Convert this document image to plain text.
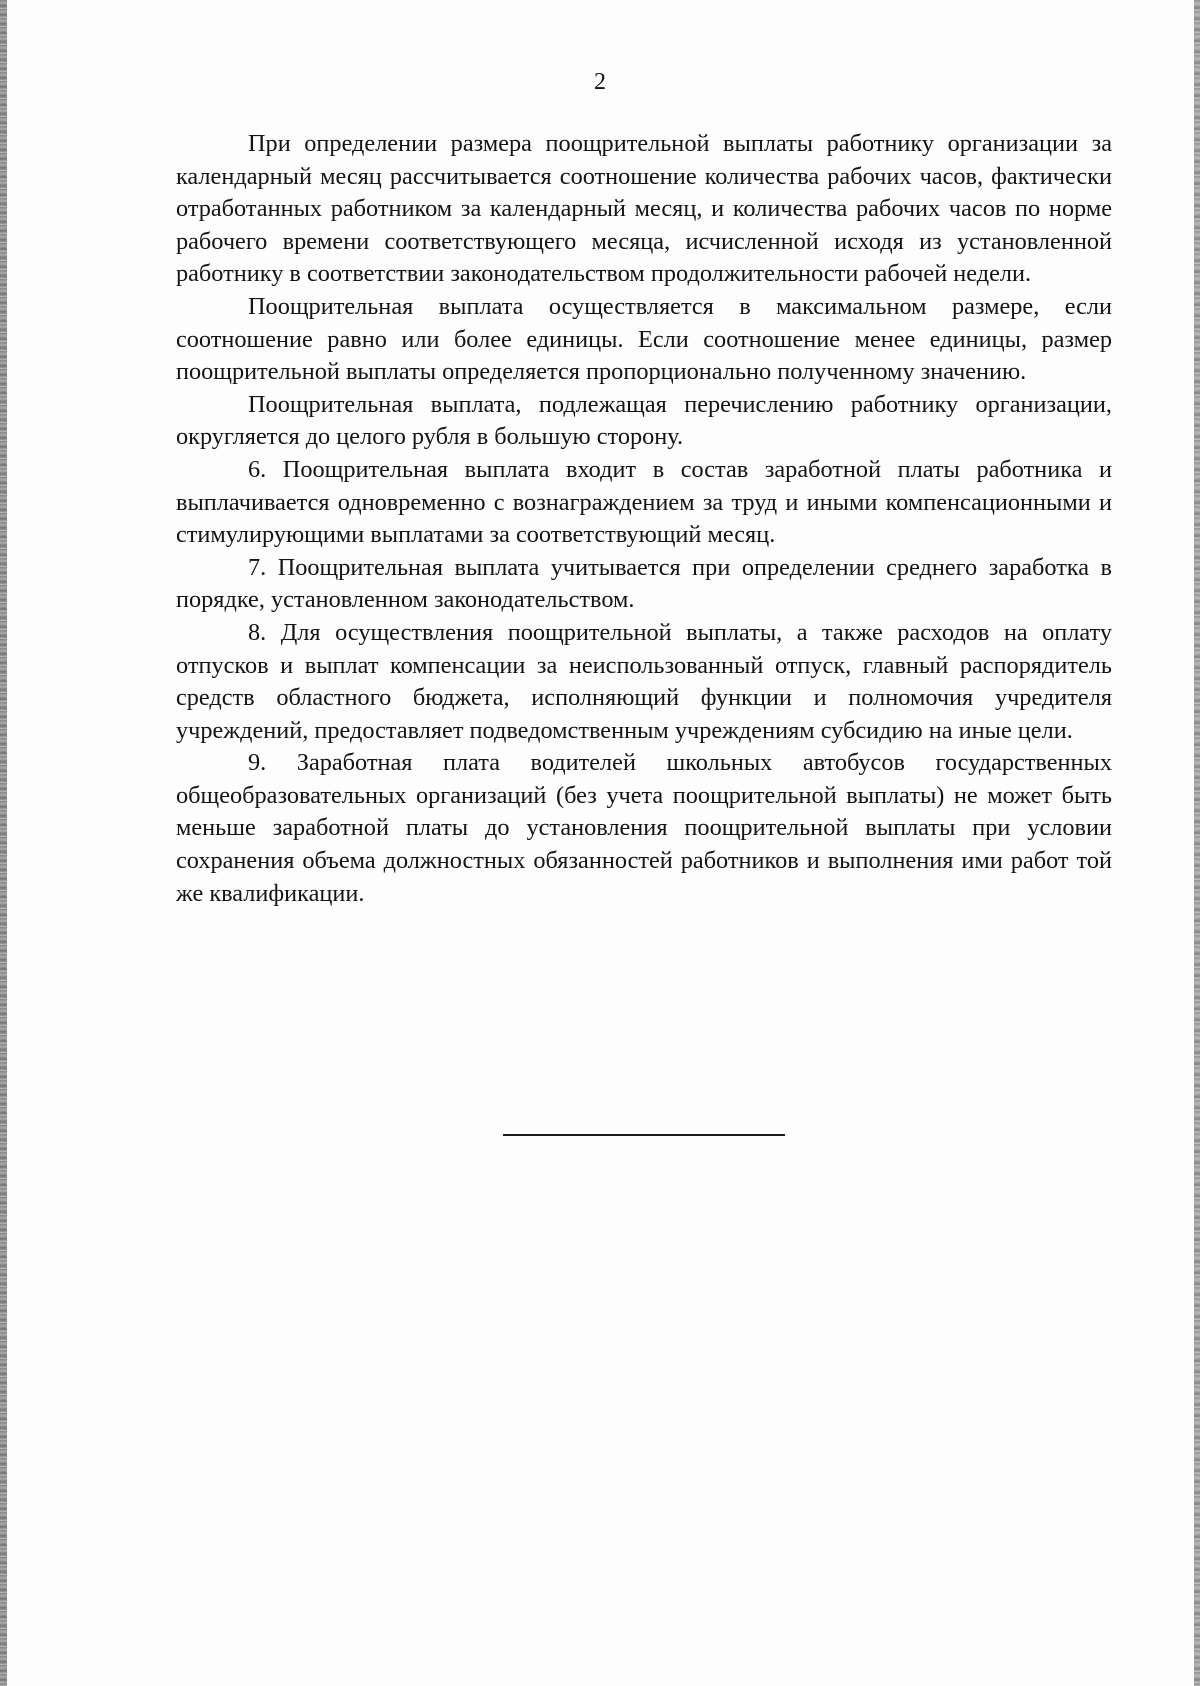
2

При определении размера поощрительной выплаты работнику организации за календарный месяц рассчитывается соотношение количества рабочих часов, фактически отработанных работником за календарный месяц, и количества рабочих часов по норме рабочего времени соответствующего месяца, исчисленной исходя из установленной работнику в соответствии законодательством продолжительности рабочей недели.

Поощрительная выплата осуществляется в максимальном размере, если соотношение равно или более единицы. Если соотношение менее единицы, размер поощрительной выплаты определяется пропорционально полученному значению.

Поощрительная выплата, подлежащая перечислению работнику организации, округляется до целого рубля в большую сторону.

6. Поощрительная выплата входит в состав заработной платы работника и выплачивается одновременно с вознаграждением за труд и иными компенсационными и стимулирующими выплатами за соответствующий месяц.

7. Поощрительная выплата учитывается при определении среднего заработка в порядке, установленном законодательством.

8. Для осуществления поощрительной выплаты, а также расходов на оплату отпусков и выплат компенсации за неиспользованный отпуск, главный распорядитель средств областного бюджета, исполняющий функции и полномочия учредителя учреждений, предоставляет подведомственным учреждениям субсидию на иные цели.

9. Заработная плата водителей школьных автобусов государственных общеобразовательных организаций (без учета поощрительной выплаты) не может быть меньше заработной платы до установления поощрительной выплаты при условии сохранения объема должностных обязанностей работников и выполнения ими работ той же квалификации.
